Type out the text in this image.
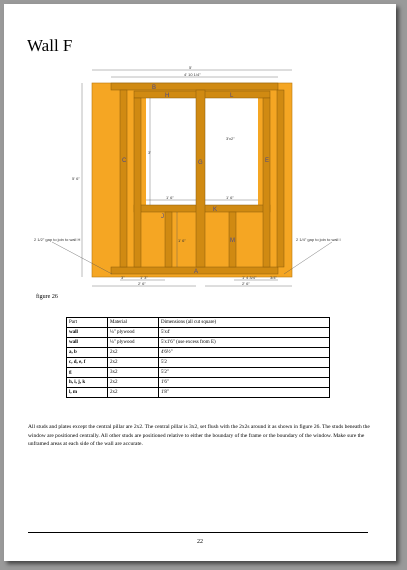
Wall F
B
H	L
C	G	E
J
K
M
A
5'
4' 10 1/4"
5' 6"
3'
3'x2"
1' 6"	1' 6"
1' 6"
3"	1' 3"	1' 4 3/4"	3/4"
2' 6"	2' 6"
2 1/2" gap to join to wall H	2 1/4" gap to join to wall I
figure 26
Part	Material	Dimensions (all cut square)
wall	¼" plywood	5'x4'
wall	¼" plywood	5'x1'6" (use excess from E)
a, b	2x2	4'6½"
c, d, e, f	2x2	5'2
g	3x2	5'2"
h, i, j, k	2x2	1'6"
l, m	2x2	1'8"
All studs and plates except the central pillar are 2x2. The central pillar is 3x2, set flush with the 2x2s around it as shown in figure 26. The studs beneath the window are positioned centrally. All other studs are positioned relative to either the boundary of the frame or the boundary of the window. Make sure the unframed areas at each side of the wall are accurate.
22
